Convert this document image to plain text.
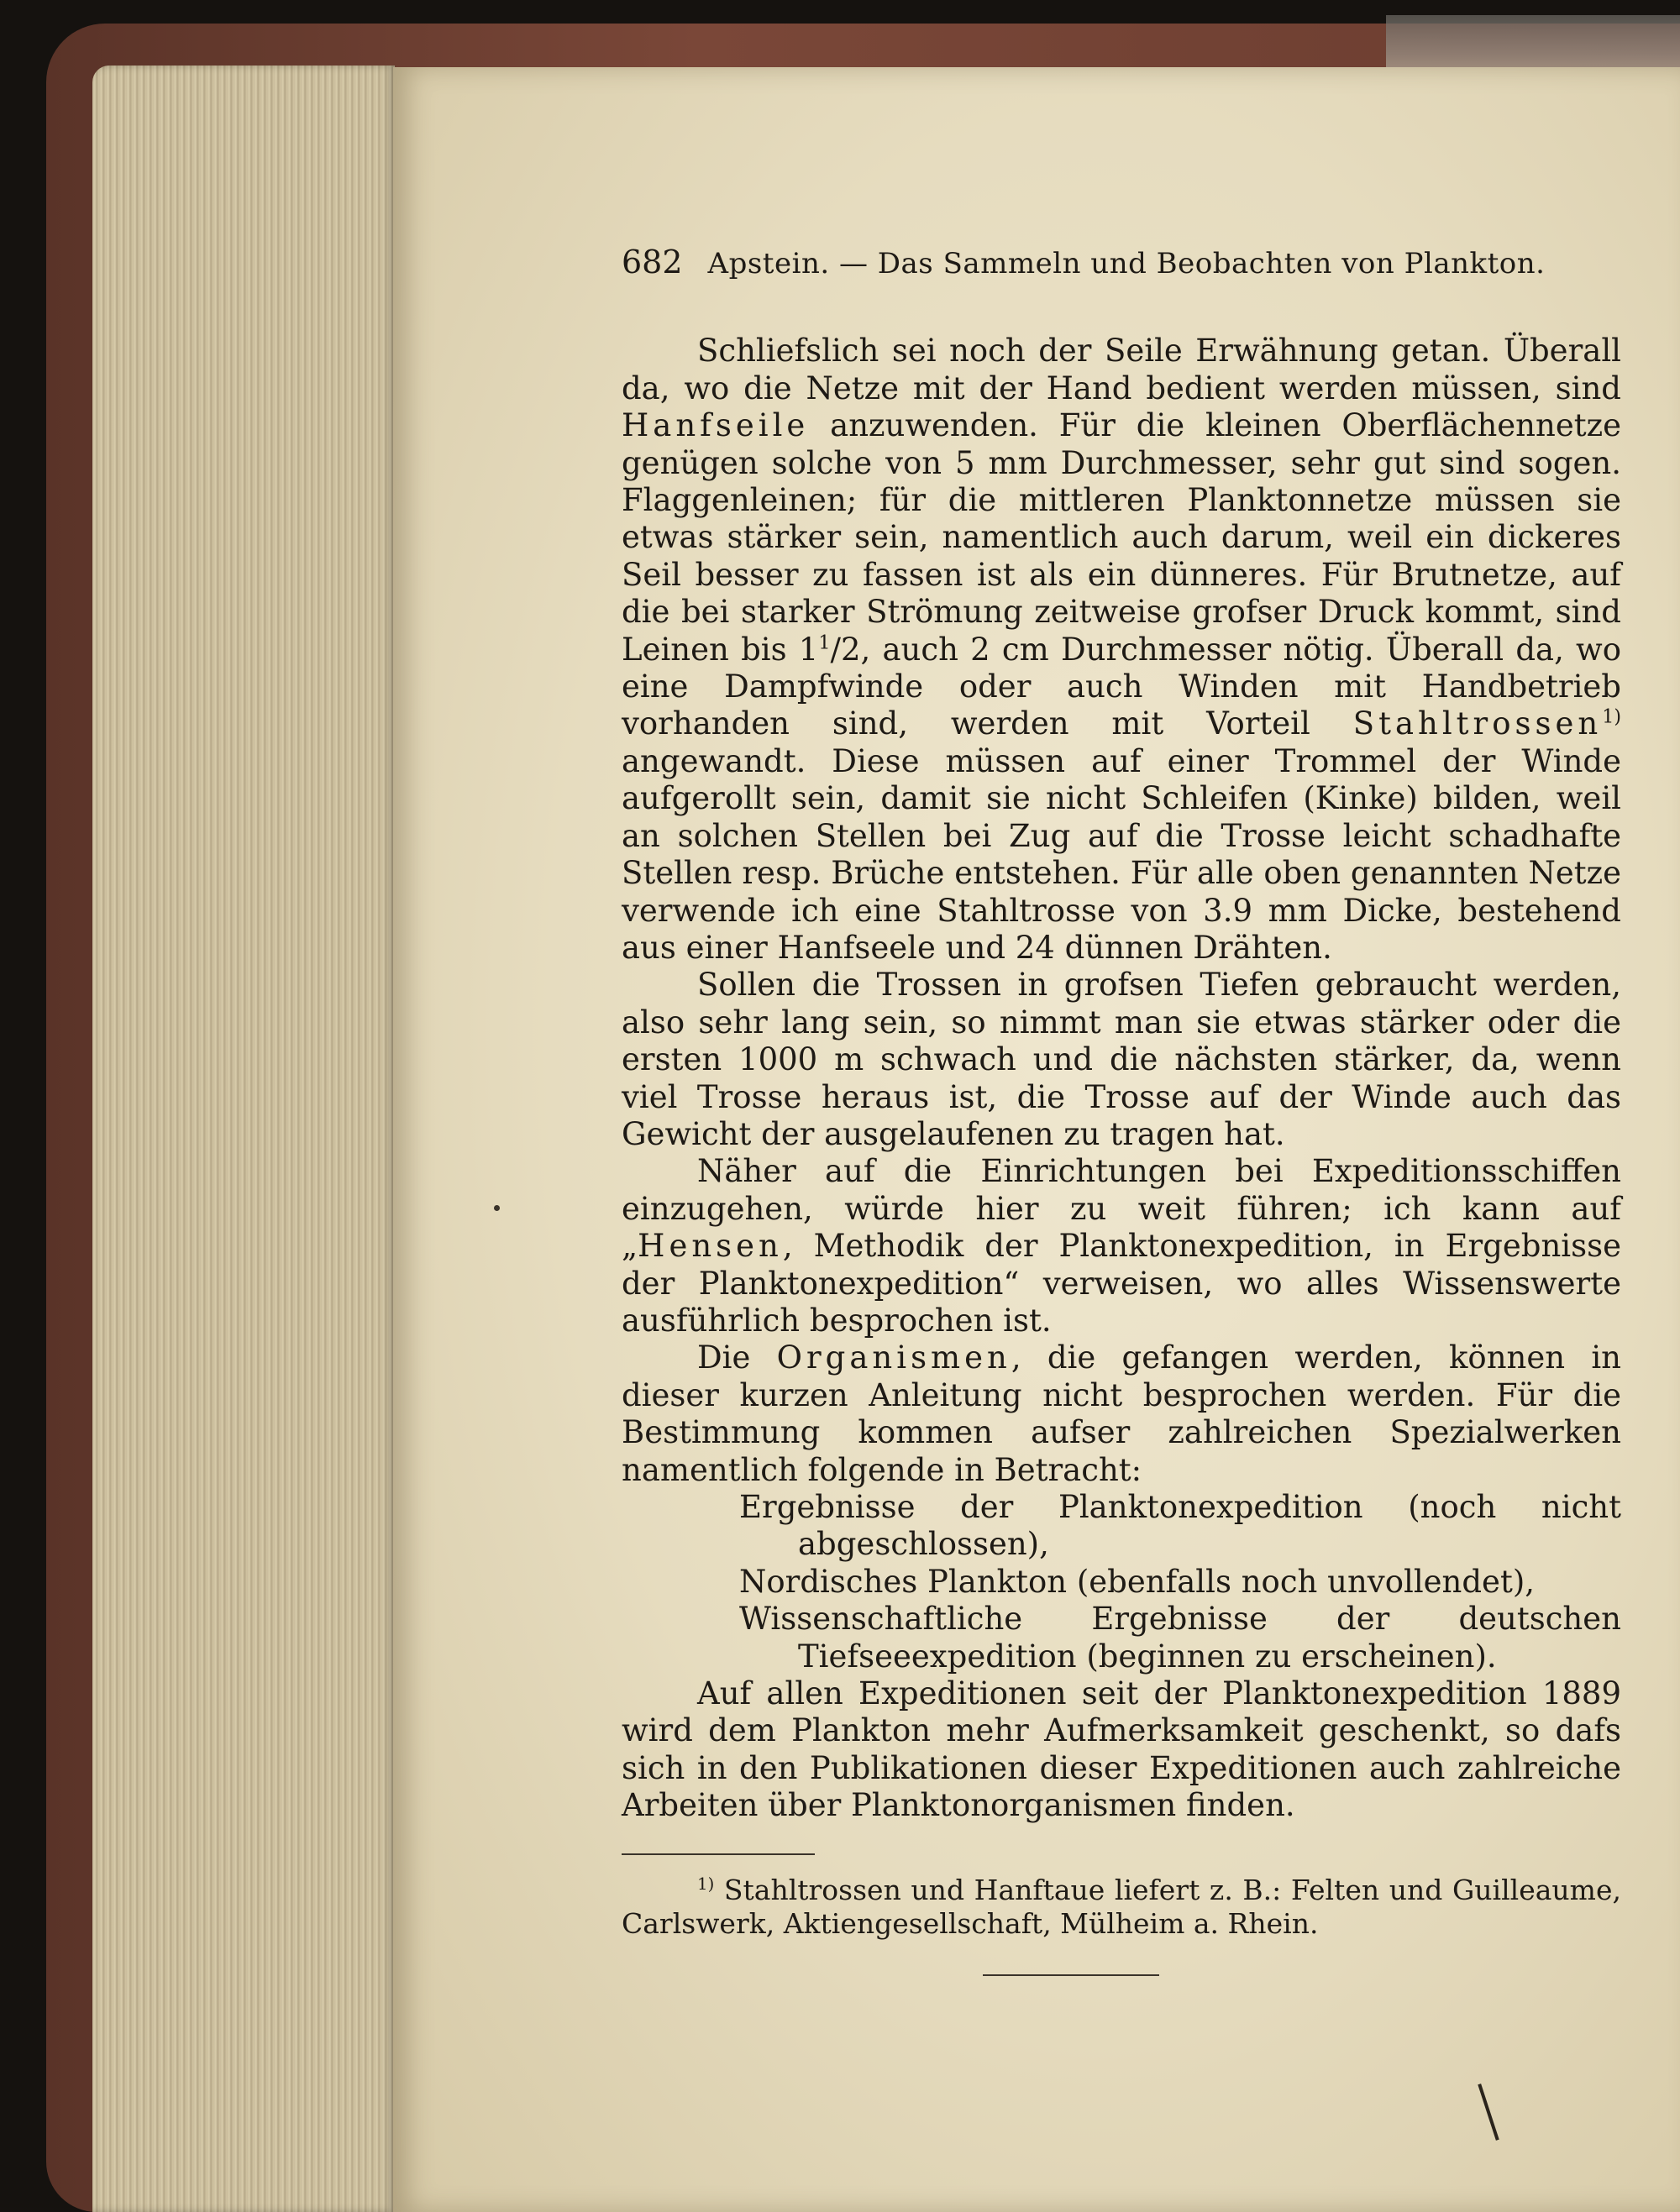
682 Apstein. — Das Sammeln und Beobachten von Plankton.

Schliefslich sei noch der Seile Erwähnung getan. Überall da, wo die Netze mit der Hand bedient werden müssen, sind Hanfseile anzuwenden. Für die kleinen Oberflächennetze genügen solche von 5 mm Durchmesser, sehr gut sind sogen. Flaggenleinen; für die mittleren Planktonnetze müssen sie etwas stärker sein, namentlich auch darum, weil ein dickeres Seil besser zu fassen ist als ein dünneres. Für Brutnetze, auf die bei starker Strömung zeitweise grofser Druck kommt, sind Leinen bis $1^1/2$, auch 2 cm Durchmesser nötig. Überall da, wo eine Dampfwinde oder auch Winden mit Handbetrieb vorhanden sind, werden mit Vorteil Stahltrossen$^{1)}$ angewandt. Diese müssen auf einer Trommel der Winde aufgerollt sein, damit sie nicht Schleifen (Kinke) bilden, weil an solchen Stellen bei Zug auf die Trosse leicht schadhafte Stellen resp. Brüche entstehen. Für alle oben genannten Netze verwende ich eine Stahltrosse von 3.9 mm Dicke, bestehend aus einer Hanfseele und 24 dünnen Drähten.

Sollen die Trossen in grofsen Tiefen gebraucht werden, also sehr lang sein, so nimmt man sie etwas stärker oder die ersten 1000 m schwach und die nächsten stärker, da, wenn viel Trosse heraus ist, die Trosse auf der Winde auch das Gewicht der ausgelaufenen zu tragen hat.

Näher auf die Einrichtungen bei Expeditionsschiffen einzugehen, würde hier zu weit führen; ich kann auf „Hensen, Methodik der Planktonexpedition, in Ergebnisse der Planktonexpedition“ verweisen, wo alles Wissenswerte ausführlich besprochen ist.

Die Organismen, die gefangen werden, können in dieser kurzen Anleitung nicht besprochen werden. Für die Bestimmung kommen aufser zahlreichen Spezialwerken namentlich folgende in Betracht:

Ergebnisse der Planktonexpedition (noch nicht abgeschlossen),
Nordisches Plankton (ebenfalls noch unvollendet),
Wissenschaftliche Ergebnisse der deutschen Tiefseeexpedition (beginnen zu erscheinen).

Auf allen Expeditionen seit der Planktonexpedition 1889 wird dem Plankton mehr Aufmerksamkeit geschenkt, so dafs sich in den Publikationen dieser Expeditionen auch zahlreiche Arbeiten über Planktonorganismen finden.

$^{1)}$ Stahltrossen und Hanftaue liefert z. B.: Felten und Guilleaume, Carlswerk, Aktiengesellschaft, Mülheim a. Rhein.
